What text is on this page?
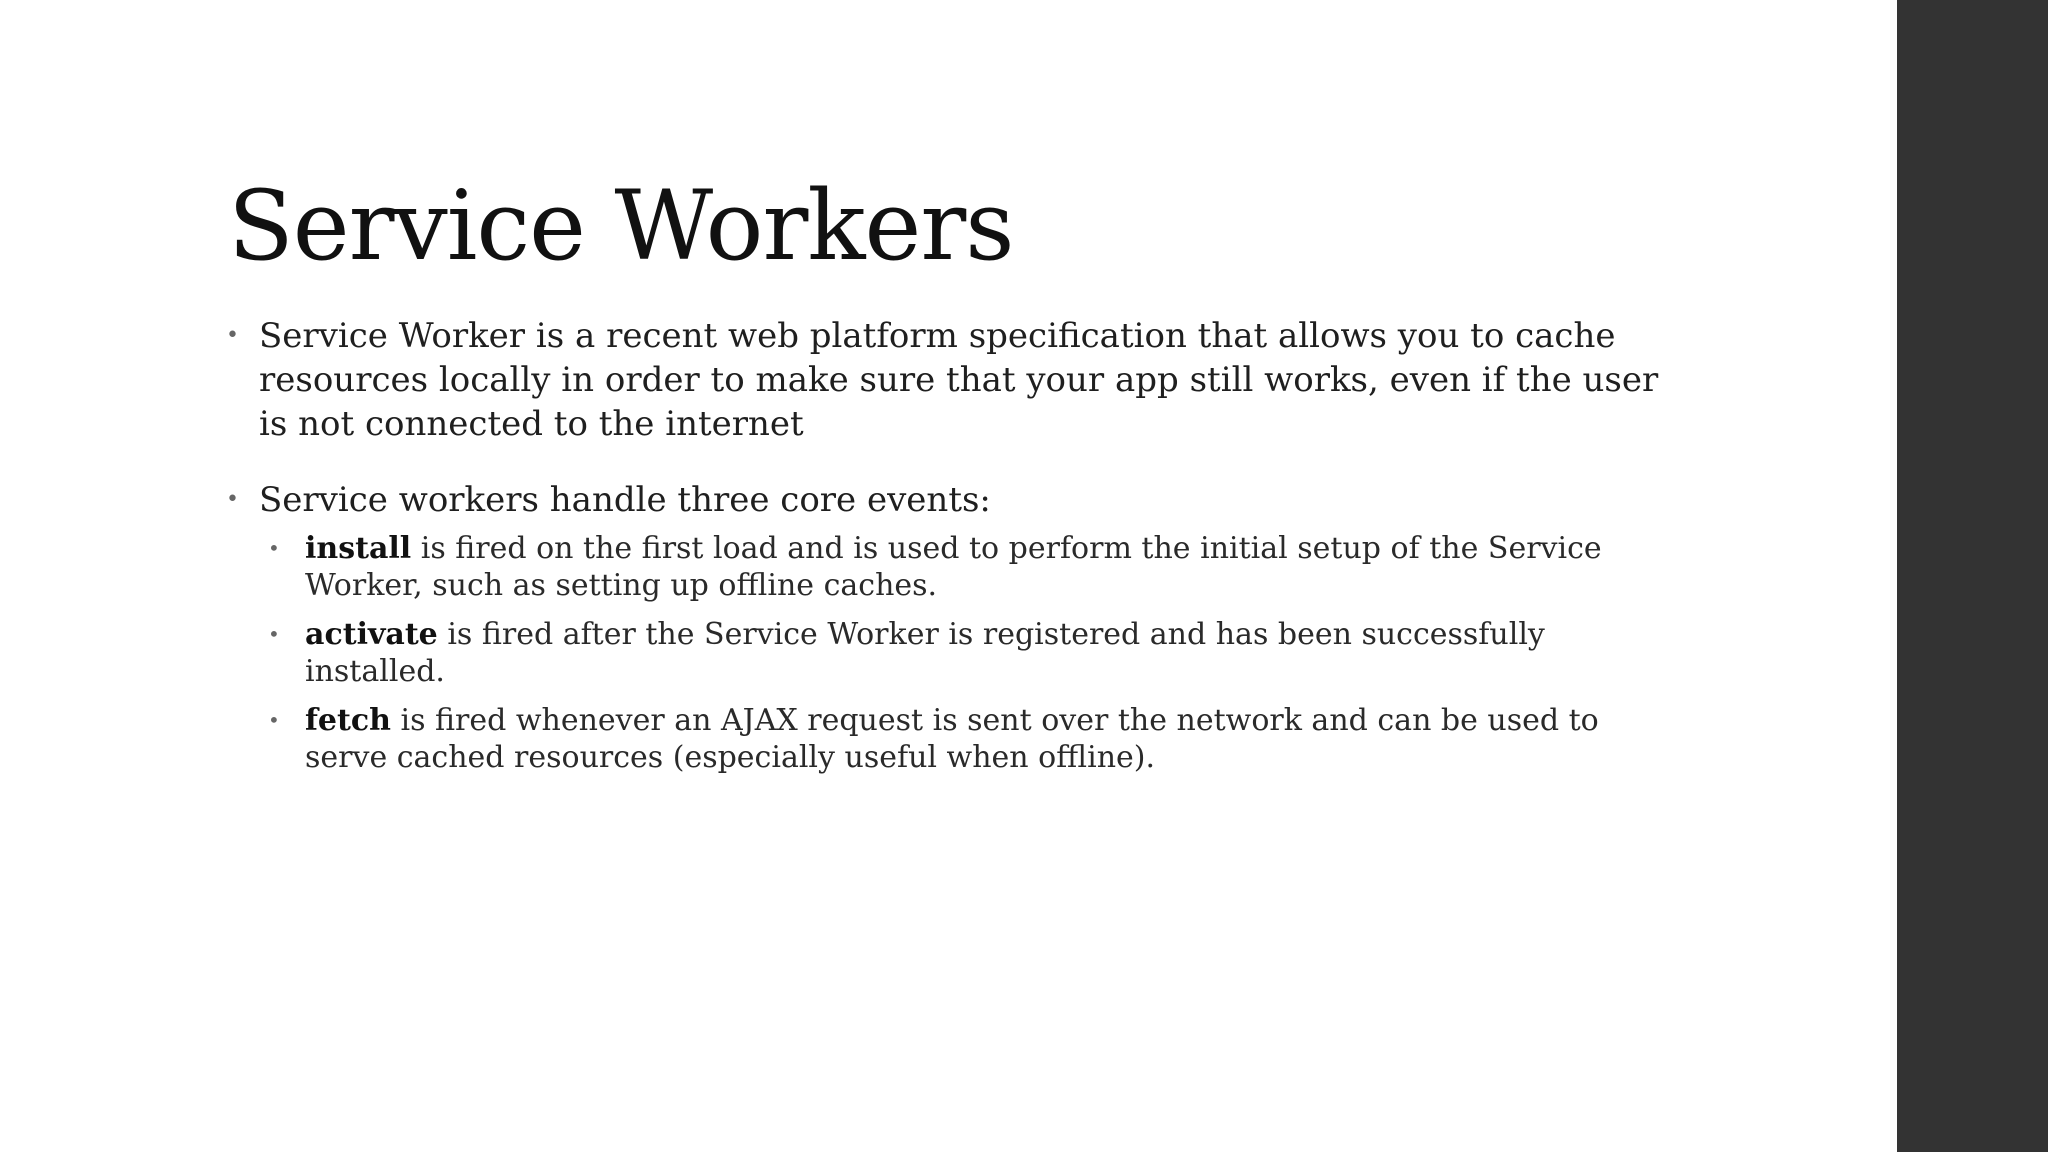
Service Workers
• Service Worker is a recent web platform specification that allows you to cache resources locally in order to make sure that your app still works, even if the user is not connected to the internet
• Service workers handle three core events:
• install is fired on the first load and is used to perform the initial setup of the Service Worker, such as setting up offline caches.
• activate is fired after the Service Worker is registered and has been successfully installed.
• fetch is fired whenever an AJAX request is sent over the network and can be used to serve cached resources (especially useful when offline).
